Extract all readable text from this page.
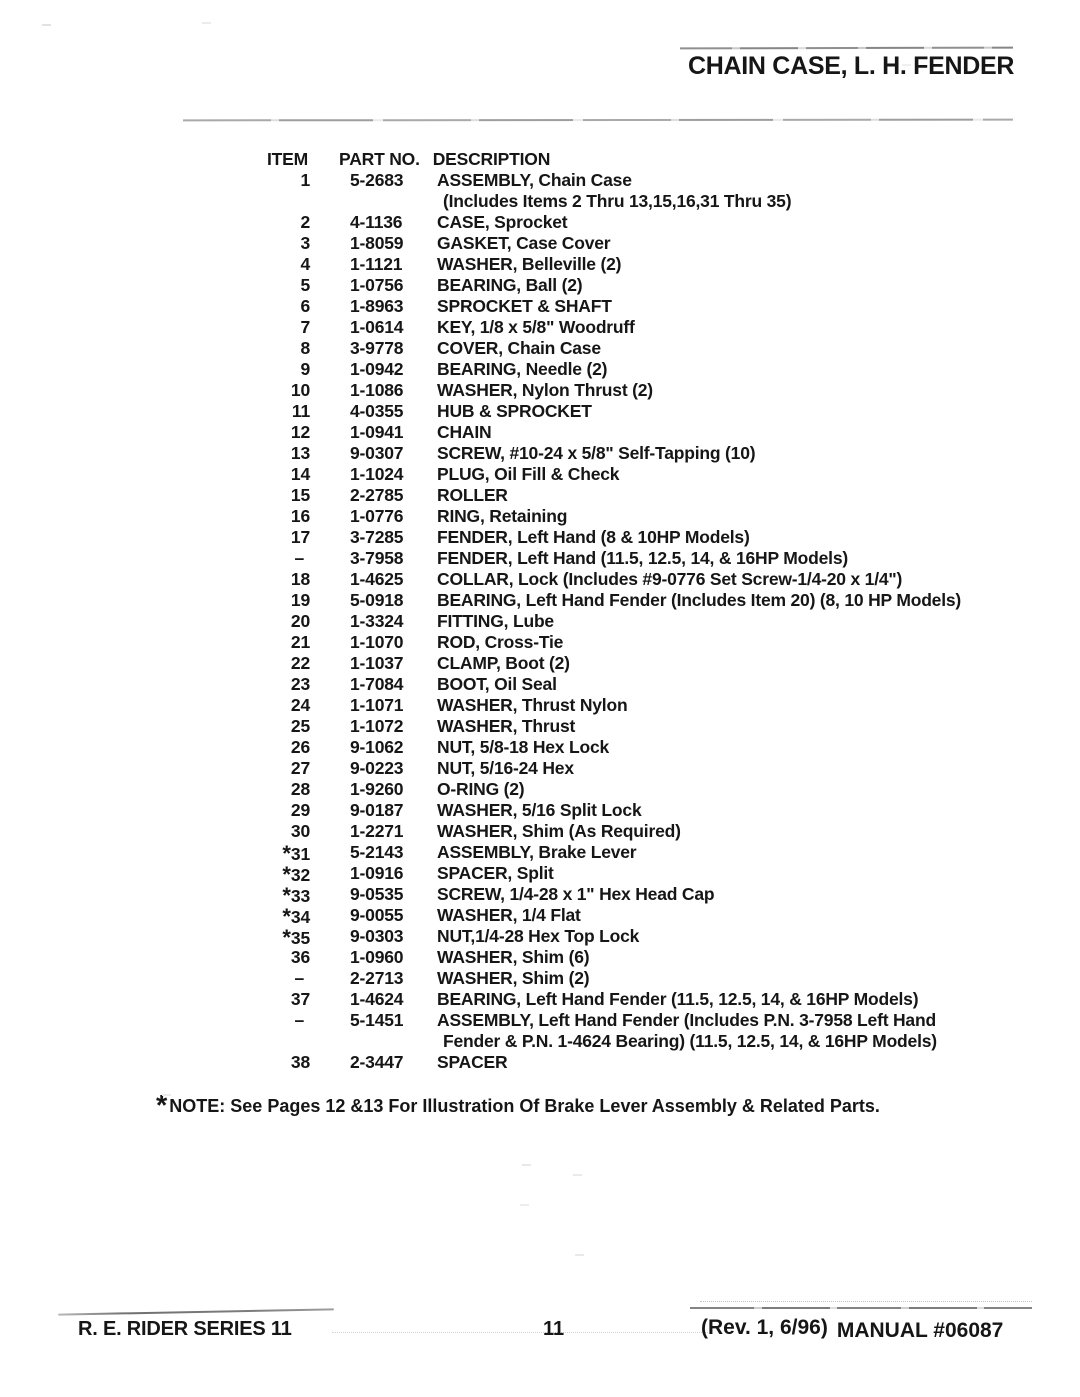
CHAIN CASE, L. H. FENDER
ITEM PART NO. DESCRIPTION
1 5-2683	ASSEMBLY, Chain Case
(Includes Items 2 Thru 13,15,16,31 Thru 35)
2 4-1136	CASE, Sprocket
3 1-8059	GASKET, Case Cover
4 1-1121	WASHER, Belleville (2)
5 1-0756	BEARING, Ball (2)
6 1-8963	SPROCKET & SHAFT
7 1-0614	KEY, 1/8 x 5/8" Woodruff
8 3-9778	COVER, Chain Case
9 1-0942	BEARING, Needle (2)
10 1-1086	WASHER, Nylon Thrust (2)
11 4-0355	HUB & SPROCKET
12 1-0941	CHAIN
13 9-0307	SCREW, #10-24 x 5/8" Self-Tapping (10)
14 1-1024	PLUG, Oil Fill & Check
15 2-2785	ROLLER
16 1-0776	RING, Retaining
17 3-7285	FENDER, Left Hand (8 & 10HP Models)
–	3-7958	FENDER, Left Hand (11.5, 12.5, 14, & 16HP Models)
18 1-4625	COLLAR, Lock (Includes #9-0776 Set Screw-1/4-20 x 1/4")
19 5-0918	BEARING, Left Hand Fender (Includes Item 20) (8, 10 HP Models)
20 1-3324	FITTING, Lube
21 1-1070	ROD, Cross-Tie
22 1-1037	CLAMP, Boot (2)
23 1-7084	BOOT, Oil Seal
24 1-1071	WASHER, Thrust Nylon
25 1-1072	WASHER, Thrust
26 9-1062	NUT, 5/8-18 Hex Lock
27 9-0223	NUT, 5/16-24 Hex
28 1-9260	O-RING (2)
29 9-0187	WASHER, 5/16 Split Lock
30 1-2271	WASHER, Shim (As Required)
*31 5-2143	ASSEMBLY, Brake Lever
*32 1-0916	SPACER, Split
*33 9-0535	SCREW, 1/4-28 x 1" Hex Head Cap
*34 9-0055	WASHER, 1/4 Flat
*35 9-0303	NUT,1/4-28 Hex Top Lock
36 1-0960	WASHER, Shim (6)
–	2-2713	WASHER, Shim (2)
37 1-4624	BEARING, Left Hand Fender (11.5, 12.5, 14, & 16HP Models)
–	5-1451	ASSEMBLY, Left Hand Fender (Includes P.N. 3-7958 Left Hand
Fender & P.N. 1-4624 Bearing) (11.5, 12.5, 14, & 16HP Models)
38 2-3447	SPACER
* NOTE: See Pages 12 &13 For Illustration Of Brake Lever Assembly & Related Parts.
R. E. RIDER SERIES 11	11	(Rev. 1, 6/96) MANUAL #06087
